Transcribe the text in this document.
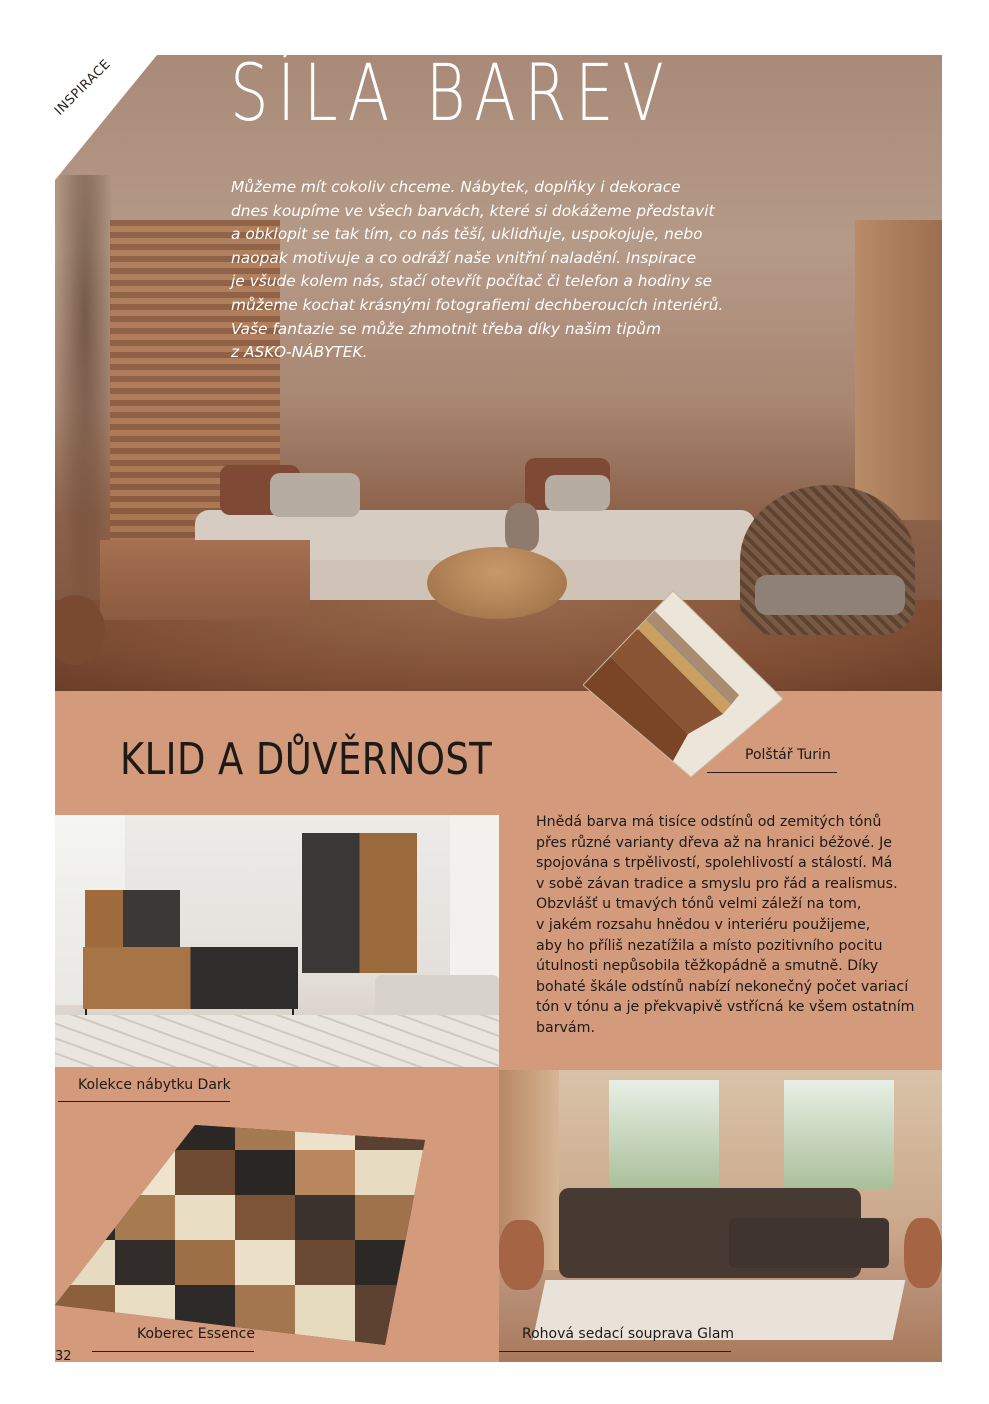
INSPIRACE SÍLA BAREV
Můžeme mít cokoliv chceme. Nábytek, doplňky i dekorace
dnes koupíme ve všech barvách, které si dokážeme představit
a obklopit se tak tím, co nás těší, uklidňuje, uspokojuje, nebo
naopak motivuje a co odráží naše vnitřní naladění. Inspirace
je všude kolem nás, stačí otevřít počítač či telefon a hodiny se
můžeme kochat krásnými fotografiemi dechberoucích interiérů.
Vaše fantazie se může zhmotnit třeba díky našim tipům
z ASKO-NÁBYTEK.
KLID A DŮVĚRNOST	Polštář Turin
Kolekce nábytku Dark
Hnědá barva má tisíce odstínů od zemitých tónů
přes různé varianty dřeva až na hranici béžové. Je
spojována s trpělivostí, spolehlivostí a stálostí. Má
v sobě závan tradice a smyslu pro řád a realismus.
Obzvlášť u tmavých tónů velmi záleží na tom,
v jakém rozsahu hnědou v interiéru použijeme,
aby ho příliš nezatížila a místo pozitivního pocitu
útulnosti nepůsobila těžkopádně a smutně. Díky
bohaté škále odstínů nabízí nekonečný počet variací
tón v tónu a je překvapivě vstřícná ke všem ostatním
barvám.
Koberec Essence	Rohová sedací souprava Glam
32
